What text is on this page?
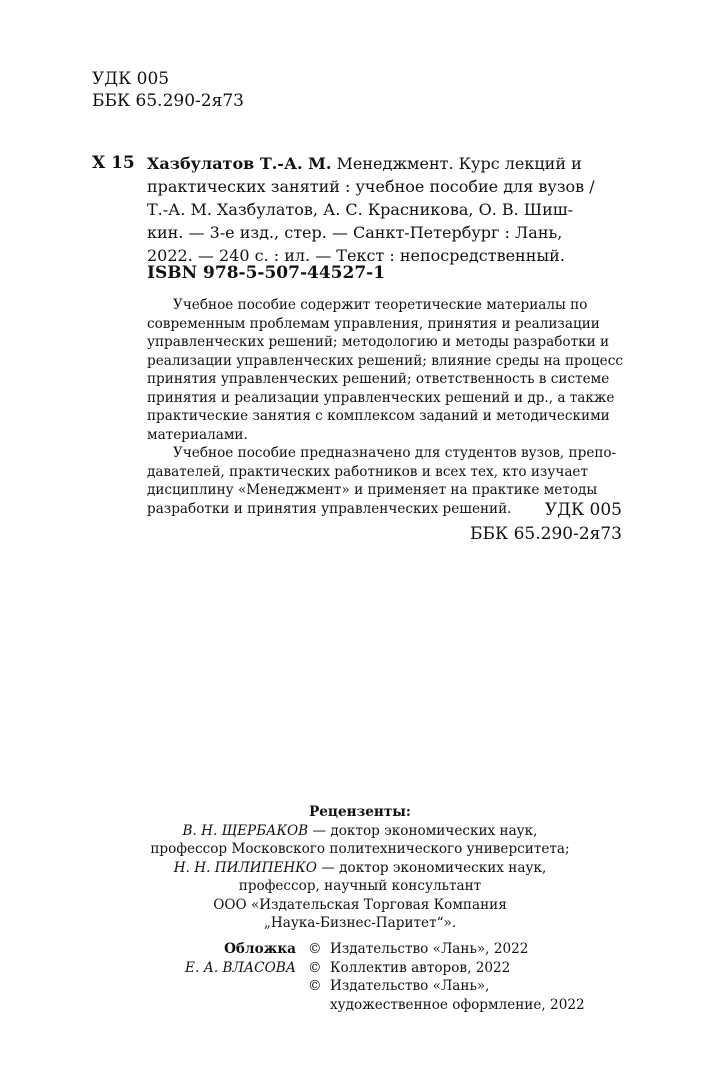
УДК 005
ББК 65.290-2я73
Х 15 Хазбулатов Т.-А. М. Менеджмент. Курс лекций и
практических занятий : учебное пособие для вузов /
Т.-А. М. Хазбулатов, А. С. Красникова, О. В. Шиш-
кин. — 3-е изд., стер. — Санкт-Петербург : Лань,
2022. — 240 с. : ил. — Текст : непосредственный.
ISBN 978-5-507-44527-1
Учебное пособие содержит теоретические материалы по
современным проблемам управления, принятия и реализации
управленческих решений; методологию и методы разработки и
реализации управленческих решений; влияние среды на процесс
принятия управленческих решений; ответственность в системе
принятия и реализации управленческих решений и др., а также
практические занятия с комплексом заданий и методическими
материалами.
Учебное пособие предназначено для студентов вузов, препо-
давателей, практических работников и всех тех, кто изучает
дисциплину «Менеджмент» и применяет на практике методы
разработки и принятия управленческих решений.	УДК 005
ББК 65.290-2я73
Рецензенты:
В. Н. ЩЕРБАКОВ — доктор экономических наук,
профессор Московского политехнического университета;
Н. Н. ПИЛИПЕНКО — доктор экономических наук,
профессор, научный консультант
ООО «Издательская Торговая Компания
„Наука-Бизнес-Паритет“».
Обложка © Издательство «Лань», 2022
Е. А. ВЛАСОВА © Коллектив авторов, 2022
© Издательство «Лань»,
художественное оформление, 2022
